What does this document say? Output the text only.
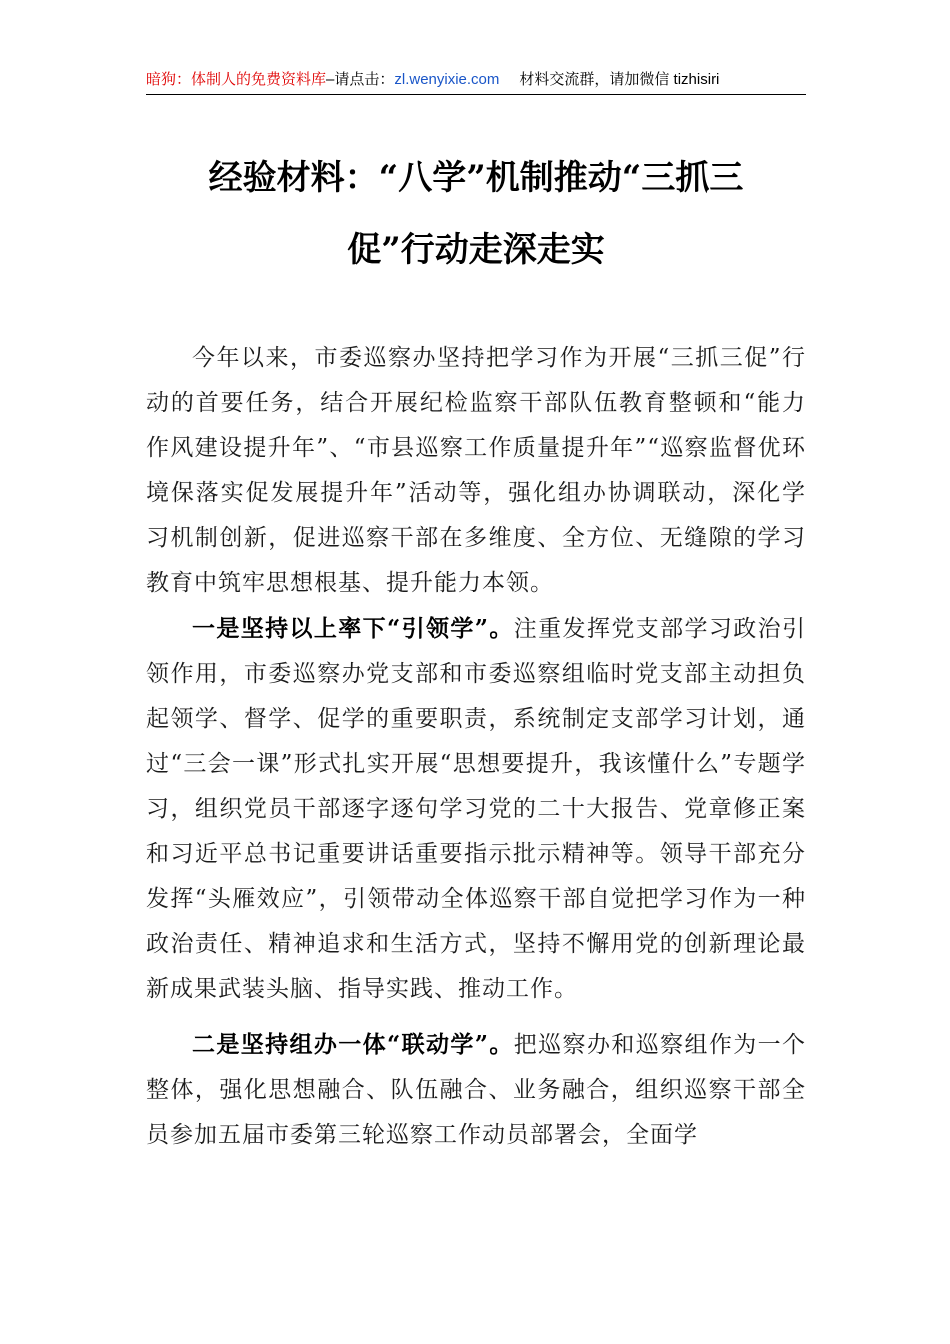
暗狗：体制人的免费资料库–请点击：zl.wenyixie.com 材料交流群，请加微信 tizhisiri
经验材料：“八学”机制推动“三抓三
促”行动走深走实

今年以来，市委巡察办坚持把学习作为开展“三抓三促”行动的首要任务，结合开展纪检监察干部队伍教育整顿和“能力作风建设提升年”、“市县巡察工作质量提升年”“巡察监督优环境保落实促发展提升年”活动等，强化组办协调联动，深化学习机制创新，促进巡察干部在多维度、全方位、无缝隙的学习教育中筑牢思想根基、提升能力本领。

一是坚持以上率下“引领学”。注重发挥党支部学习政治引领作用，市委巡察办党支部和市委巡察组临时党支部主动担负起领学、督学、促学的重要职责，系统制定支部学习计划，通过“三会一课”形式扎实开展“思想要提升，我该懂什么”专题学习，组织党员干部逐字逐句学习党的二十大报告、党章修正案和习近平总书记重要讲话重要指示批示精神等。领导干部充分发挥“头雁效应”，引领带动全体巡察干部自觉把学习作为一种政治责任、精神追求和生活方式，坚持不懈用党的创新理论最新成果武装头脑、指导实践、推动工作。

二是坚持组办一体“联动学”。把巡察办和巡察组作为一个整体，强化思想融合、队伍融合、业务融合，组织巡察干部全员参加五届市委第三轮巡察工作动员部署会，全面学
